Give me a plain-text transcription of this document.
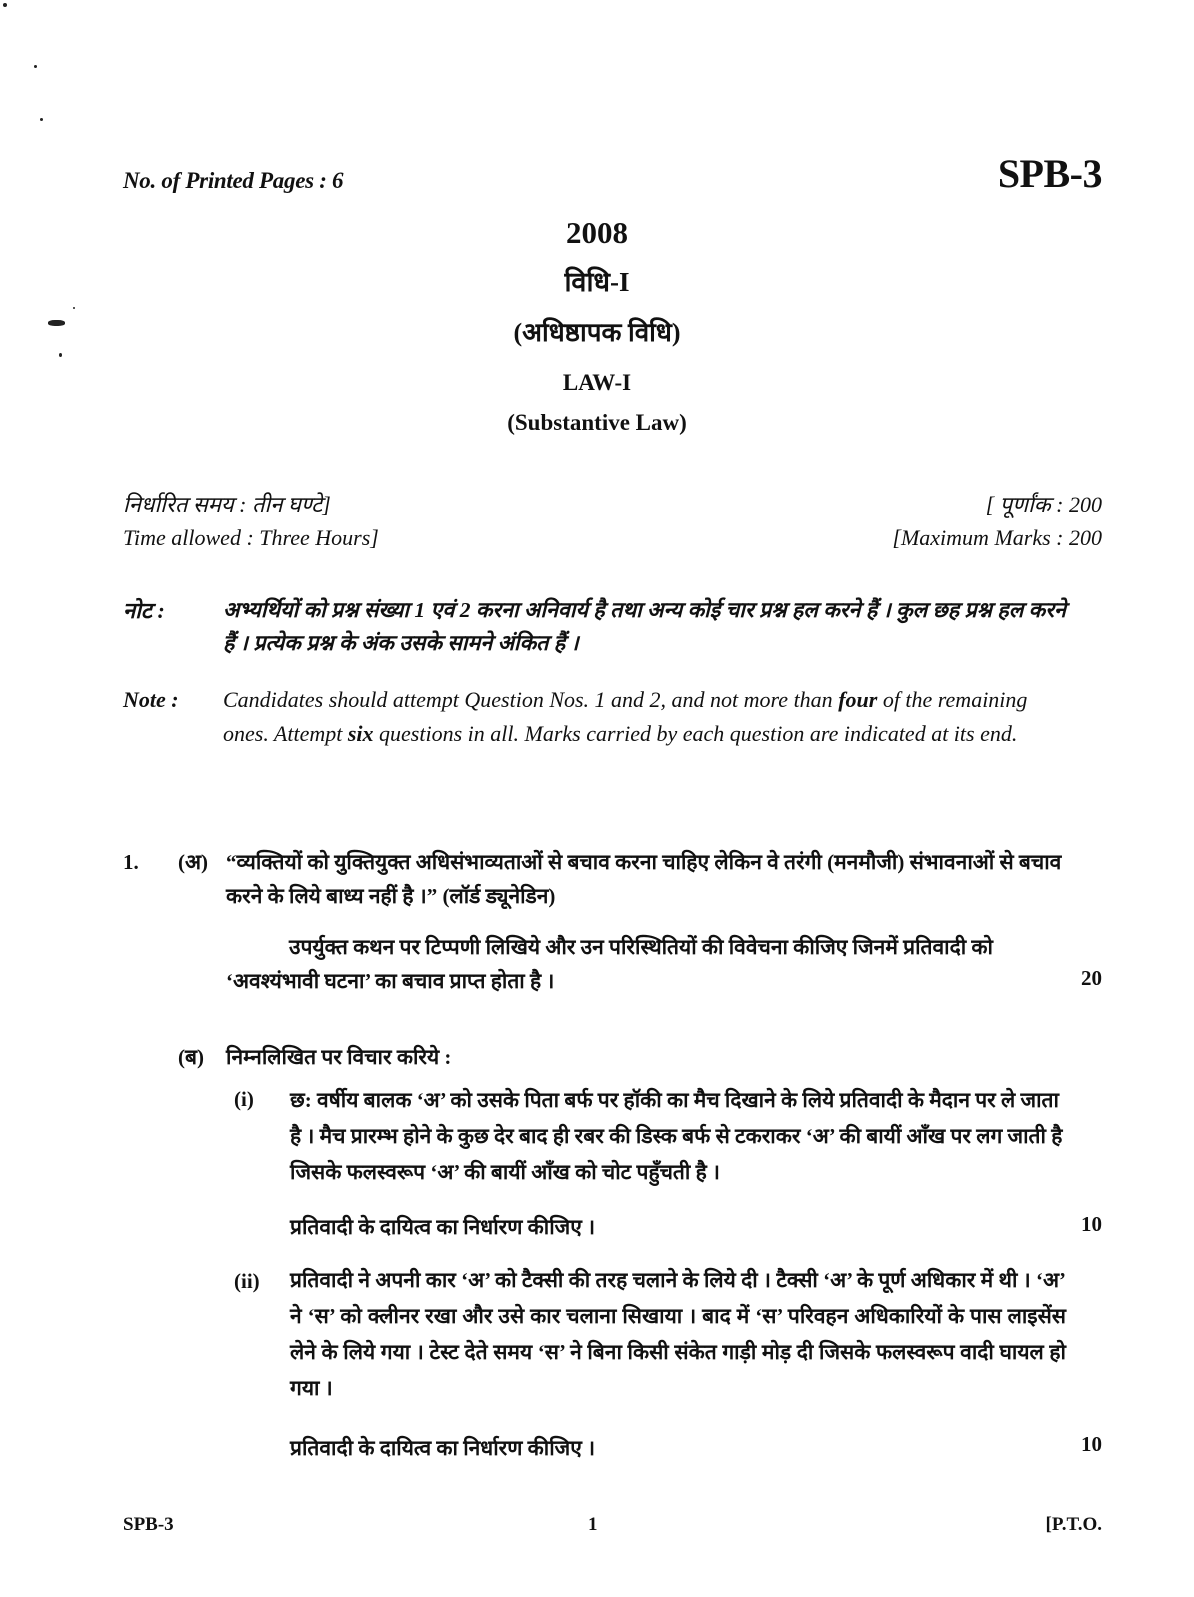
No. of Printed Pages : 6	SPB-3
2008
विधि-I
(अधिष्ठापक विधि)
LAW-I
(Substantive Law)
निर्धारित समय : तीन घण्टे]
Time allowed : Three Hours]
[ पूर्णांक : 200
[Maximum Marks : 200
नोट :	अभ्यर्थियों को प्रश्न संख्या 1 एवं 2 करना अनिवार्य है तथा अन्य कोई चार प्रश्न हल करने हैं । कुल छह प्रश्न हल करने हैं । प्रत्येक प्रश्न के अंक उसके सामने अंकित हैं ।
Note :	Candidates should attempt Question Nos. 1 and 2, and not more than four of the remaining ones. Attempt six questions in all. Marks carried by each question are indicated at its end.
1. (अ) “व्यक्तियों को युक्तियुक्त अधिसंभाव्यताओं से बचाव करना चाहिए लेकिन वे तरंगी (मनमौजी) संभावनाओं से बचाव करने के लिये बाध्य नहीं है ।” (लॉर्ड ड्यूनेडिन)
उपर्युक्त कथन पर टिप्पणी लिखिये और उन परिस्थितियों की विवेचना कीजिए जिनमें प्रतिवादी को ‘अवश्यंभावी घटना’ का बचाव प्राप्त होता है ।	20
(ब) निम्नलिखित पर विचार करिये :
(i) छ: वर्षीय बालक ‘अ’ को उसके पिता बर्फ पर हॉकी का मैच दिखाने के लिये प्रतिवादी के मैदान पर ले जाता है । मैच प्रारम्भ होने के कुछ देर बाद ही रबर की डिस्क बर्फ से टकराकर ‘अ’ की बायीं आँख पर लग जाती है जिसके फलस्वरूप ‘अ’ की बायीं आँख को चोट पहुँचती है ।
प्रतिवादी के दायित्व का निर्धारण कीजिए ।	10
(ii) प्रतिवादी ने अपनी कार ‘अ’ को टैक्सी की तरह चलाने के लिये दी । टैक्सी ‘अ’ के पूर्ण अधिकार में थी । ‘अ’ ने ‘स’ को क्लीनर रखा और उसे कार चलाना सिखाया । बाद में ‘स’ परिवहन अधिकारियों के पास लाइसेंस लेने के लिये गया । टेस्ट देते समय ‘स’ ने बिना किसी संकेत गाड़ी मोड़ दी जिसके फलस्वरूप वादी घायल हो गया ।
प्रतिवादी के दायित्व का निर्धारण कीजिए ।	10
SPB-3	1	[P.T.O.
